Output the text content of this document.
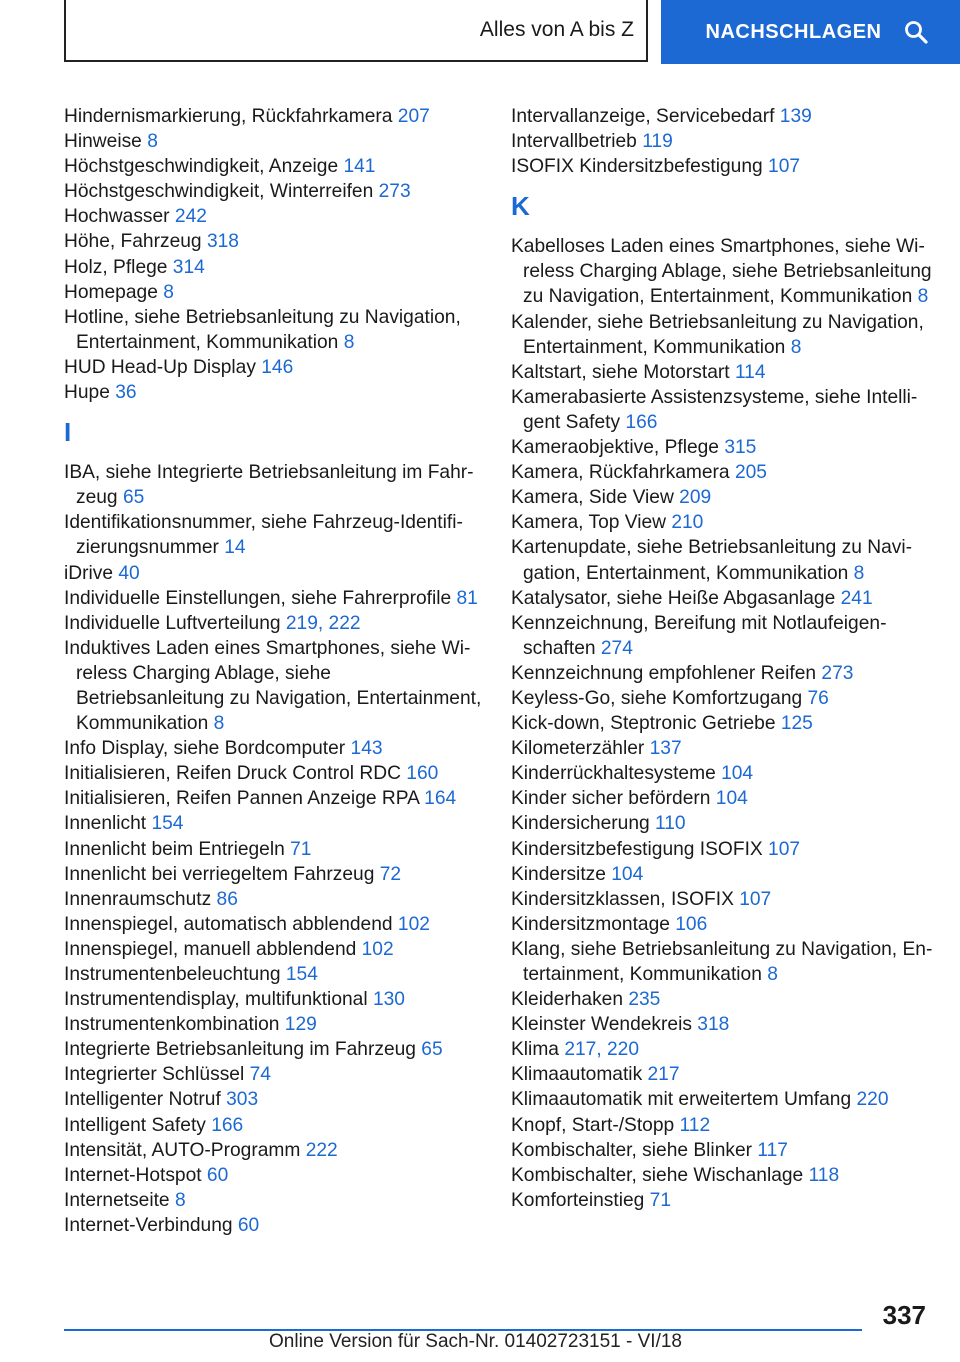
Alles von A bis Z	NACHSCHLAGEN
Hindernismarkierung, Rückfahrkamera 207
Hinweise 8
Höchstgeschwindigkeit, Anzeige 141
Höchstgeschwindigkeit, Winterreifen 273
Hochwasser 242
Höhe, Fahrzeug 318
Holz, Pflege 314
Homepage 8
Hotline, siehe Betriebsanleitung zu Navigation, Entertainment, Kommunikation 8
HUD Head-Up Display 146
Hupe 36
I
IBA, siehe Integrierte Betriebsanleitung im Fahrzeug 65
Identifikationsnummer, siehe Fahrzeug-Identifizierungsnummer 14
iDrive 40
Individuelle Einstellungen, siehe Fahrerprofile 81
Individuelle Luftverteilung 219, 222
Induktives Laden eines Smartphones, siehe Wireless Charging Ablage, siehe Betriebsanleitung zu Navigation, Entertainment, Kommunikation 8
Info Display, siehe Bordcomputer 143
Initialisieren, Reifen Druck Control RDC 160
Initialisieren, Reifen Pannen Anzeige RPA 164
Innenlicht 154
Innenlicht beim Entriegeln 71
Innenlicht bei verriegeltem Fahrzeug 72
Innenraumschutz 86
Innenspiegel, automatisch abblendend 102
Innenspiegel, manuell abblendend 102
Instrumentenbeleuchtung 154
Instrumentendisplay, multifunktional 130
Instrumentenkombination 129
Integrierte Betriebsanleitung im Fahrzeug 65
Integrierter Schlüssel 74
Intelligenter Notruf 303
Intelligent Safety 166
Intensität, AUTO-Programm 222
Internet-Hotspot 60
Internetseite 8
Internet-Verbindung 60
Intervallanzeige, Servicebedarf 139
Intervallbetrieb 119
ISOFIX Kindersitzbefestigung 107
K
Kabelloses Laden eines Smartphones, siehe Wireless Charging Ablage, siehe Betriebsanleitung zu Navigation, Entertainment, Kommunikation 8
Kalender, siehe Betriebsanleitung zu Navigation, Entertainment, Kommunikation 8
Kaltstart, siehe Motorstart 114
Kamerabasierte Assistenzsysteme, siehe Intelligent Safety 166
Kameraobjektive, Pflege 315
Kamera, Rückfahrkamera 205
Kamera, Side View 209
Kamera, Top View 210
Kartenupdate, siehe Betriebsanleitung zu Navigation, Entertainment, Kommunikation 8
Katalysator, siehe Heiße Abgasanlage 241
Kennzeichnung, Bereifung mit Notlaufeigenschaften 274
Kennzeichnung empfohlener Reifen 273
Keyless-Go, siehe Komfortzugang 76
Kick-down, Steptronic Getriebe 125
Kilometerzähler 137
Kinderrückhaltesysteme 104
Kinder sicher befördern 104
Kindersicherung 110
Kindersitzbefestigung ISOFIX 107
Kindersitze 104
Kindersitzklassen, ISOFIX 107
Kindersitzmontage 106
Klang, siehe Betriebsanleitung zu Navigation, Entertainment, Kommunikation 8
Kleiderhaken 235
Kleinster Wendekreis 318
Klima 217, 220
Klimaautomatik 217
Klimaautomatik mit erweitertem Umfang 220
Knopf, Start-/Stopp 112
Kombischalter, siehe Blinker 117
Kombischalter, siehe Wischanlage 118
Komforteinstieg 71
337
Online Version für Sach-Nr. 01402723151 - VI/18
